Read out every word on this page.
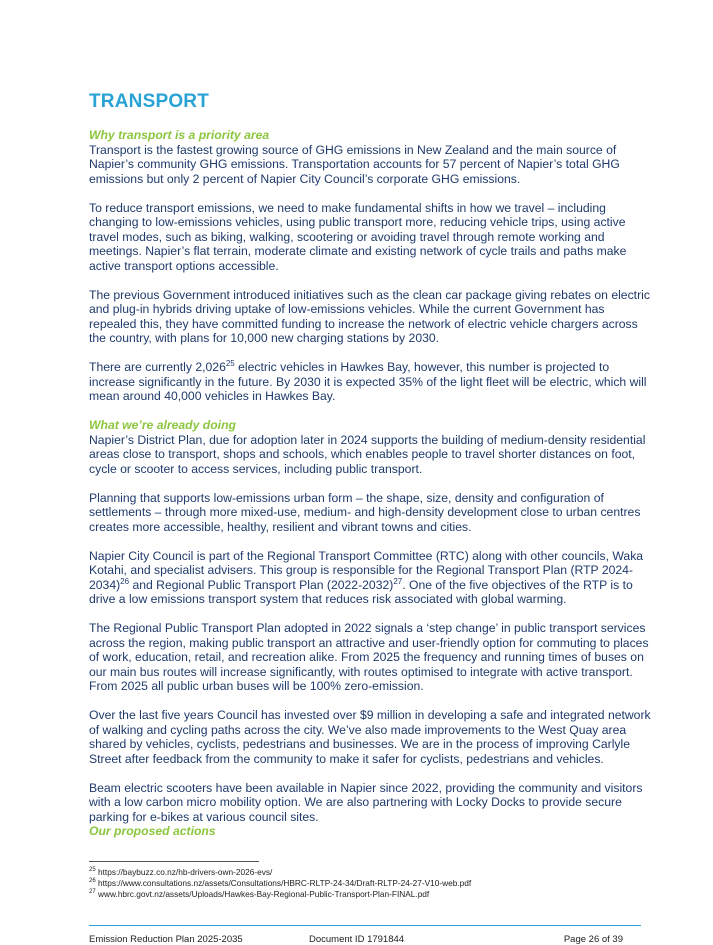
TRANSPORT

Why transport is a priority area

Transport is the fastest growing source of GHG emissions in New Zealand and the main source of Napier’s community GHG emissions. Transportation accounts for 57 percent of Napier’s total GHG emissions but only 2 percent of Napier City Council’s corporate GHG emissions.

To reduce transport emissions, we need to make fundamental shifts in how we travel – including changing to low-emissions vehicles, using public transport more, reducing vehicle trips, using active travel modes, such as biking, walking, scootering or avoiding travel through remote working and meetings. Napier’s flat terrain, moderate climate and existing network of cycle trails and paths make active transport options accessible.

The previous Government introduced initiatives such as the clean car package giving rebates on electric and plug-in hybrids driving uptake of low-emissions vehicles. While the current Government has repealed this, they have committed funding to increase the network of electric vehicle chargers across the country, with plans for 10,000 new charging stations by 2030.

There are currently 2,026$^{25}$ electric vehicles in Hawkes Bay, however, this number is projected to increase significantly in the future. By 2030 it is expected 35% of the light fleet will be electric, which will mean around 40,000 vehicles in Hawkes Bay.

What we’re already doing

Napier’s District Plan, due for adoption later in 2024 supports the building of medium-density residential areas close to transport, shops and schools, which enables people to travel shorter distances on foot, cycle or scooter to access services, including public transport.

Planning that supports low-emissions urban form – the shape, size, density and configuration of settlements – through more mixed-use, medium- and high-density development close to urban centres creates more accessible, healthy, resilient and vibrant towns and cities.

Napier City Council is part of the Regional Transport Committee (RTC) along with other councils, Waka Kotahi, and specialist advisers. This group is responsible for the Regional Transport Plan (RTP 2024-2034)$^{26}$ and Regional Public Transport Plan (2022-2032)$^{27}$. One of the five objectives of the RTP is to drive a low emissions transport system that reduces risk associated with global warming.

The Regional Public Transport Plan adopted in 2022 signals a ‘step change’ in public transport services across the region, making public transport an attractive and user-friendly option for commuting to places of work, education, retail, and recreation alike. From 2025 the frequency and running times of buses on our main bus routes will increase significantly, with routes optimised to integrate with active transport. From 2025 all public urban buses will be 100% zero-emission.

Over the last five years Council has invested over $9 million in developing a safe and integrated network of walking and cycling paths across the city. We’ve also made improvements to the West Quay area shared by vehicles, cyclists, pedestrians and businesses. We are in the process of improving Carlyle Street after feedback from the community to make it safer for cyclists, pedestrians and vehicles.

Beam electric scooters have been available in Napier since 2022, providing the community and visitors with a low carbon micro mobility option. We are also partnering with Locky Docks to provide secure parking for e-bikes at various council sites.

Our proposed actions

$^{25}$ https://baybuzz.co.nz/hb-drivers-own-2026-evs/
$^{26}$ https://www.consultations.nz/assets/Consultations/HBRC-RLTP-24-34/Draft-RLTP-24-27-V10-web.pdf
$^{27}$ www.hbrc.govt.nz/assets/Uploads/Hawkes-Bay-Regional-Public-Transport-Plan-FINAL.pdf
Emission Reduction Plan 2025-2035	Document ID 1791844	Page 26 of 39
